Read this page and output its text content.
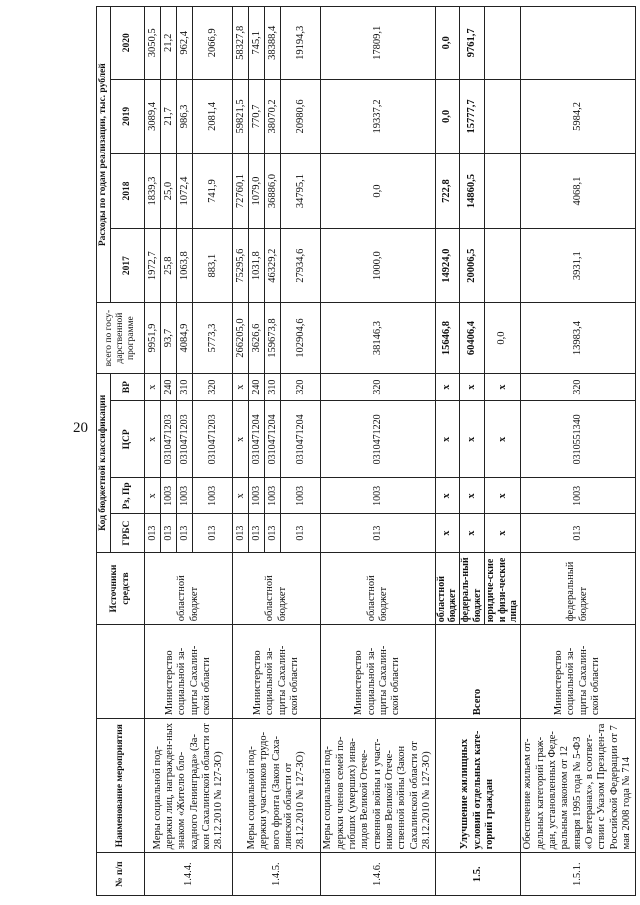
20
№ п/п	Наименование мероприятия		Источники средств	Код бюджетной классификации				всего по госу-дарственной программе	Расходы по годам реализации, тыс. рублей			
				ГРБС	Рз, Пр	ЦСР	ВР		2017	2018	2019	2020
1.4.4.	Меры социальной под-держки лиц, награжден-ных знаком «Жителю бло-кадного Ленинграда» (За-кон Сахалинской области от 28.12.2010 № 127-ЗО)	Министерство социальной за-щиты Сахалин-ской области	областной бюджет	013	х	х	х	9951,9	1972,7	1839,3	3089,4	3050,5
				013	1003	0310471203	240	93,7	25,8	25,0	21,7	21,2
				013	1003	0310471203	310	4084,9	1063,8	1072,4	986,3	962,4
				013	1003	0310471203	320	5773,3	883,1	741,9	2081,4	2066,9
1.4.5.	Меры социальной под-держки участников трудо-вого фронта (Закон Саха-линской области от 28.12.2010 № 127-ЗО)	Министерство социальной за-щиты Сахалин-ской области	областной бюджет	013	х	х	х	266205,0	75295,6	72760,1	59821,5	58327,8
				013	1003	0310471204	240	3626,6	1031,8	1079,0	770,7	745,1
				013	1003	0310471204	310	159673,8	46329,2	36886,0	38070,2	38388,4
				013	1003	0310471204	320	102904,6	27934,6	34795,1	20980,6	19194,3
1.4.6.	Меры социальной под-держки членов семей по-гибших (умерших) инва-лидов Великой Отече-ственной войны и участ-ников Великой Отече-ственной войны (Закон Сахалинской области от 28.12.2010 № 127-ЗО)	Министерство социальной за-щиты Сахалин-ской области	областной бюджет	013	1003	0310471220	320	38146,3	1000,0	0,0	19337,2	17809,1
1.5.	Улучшение жилищных условий отдельных кате-горий граждан	Всего	областной бюджет	х	х	х	х	15646,8	14924,0	722,8	0,0	0,0
			федераль-ный бюджет	х	х	х	х	60406,4	20006,5	14860,5	15777,7	9761,7
			юридиче-ские и физи-ческие лица	х	х	х	х	0,0				
1.5.1.	Обеспечение жильем от-дельных категорий граж-дан, установленных Феде-ральным законом от 12 января 1995 года № 5-ФЗ «О ветеранах», в соответ-ствии с Указом Президен-та Российской Федерации от 7 мая 2008 года № 714	Министерство социальной за-щиты Сахалин-ской области	федеральный бюджет	013	1003	0310551340	320	13983,4	3931,1	4068,1	5984,2	
